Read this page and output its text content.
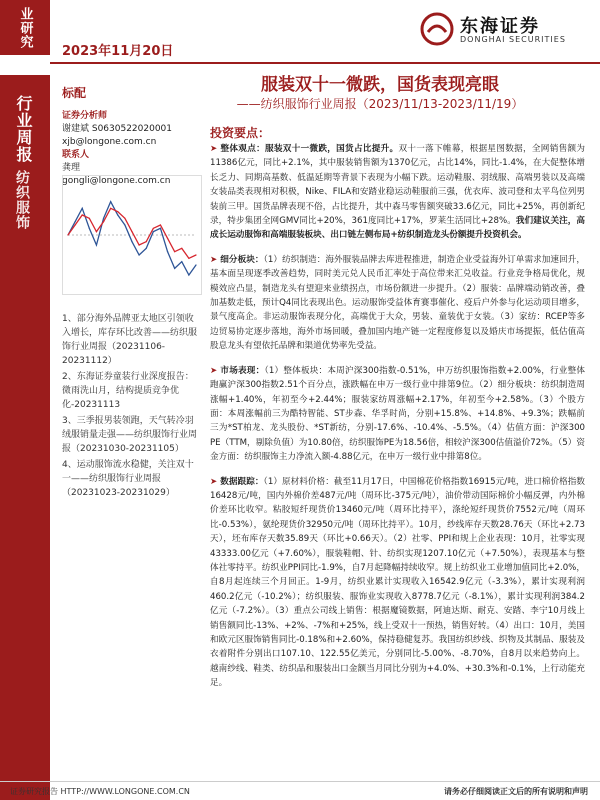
业研究
2023年11月20日
东海证券
DONGHAI SECURITIES
行业周报
纺织服饰
标配	服装双十一微跌，国货表现亮眼
——纺织服饰行业周报（2023/11/13-2023/11/19）
证券分析师
谢建斌 S0630522020001
xjb@longone.com.cn
联系人
龚理
gongli@longone.com.cn
1、部分海外品牌亚太地区引领收入增长，库存环比改善——纺织服饰行业周报（20231106-20231112）
2、东海证券童装行业深度报告：微雨洗山月，结构提质竞争优化-20231113
3、三季报男装领跑，天气转冷羽绒服销量走强——纺织服饰行业周报（20231030-20231105）
4、运动服饰流水稳健，关注双十一——纺织服饰行业周报（20231023-20231029）
投资要点：

➤ 整体观点：服装双十一微跌，国货占比提升。双十一落下帷幕，根据星图数据，全网销售额为11386亿元，同比+2.1%，其中服装销售额为1370亿元，占比14%，同比-1.4%，在大促整体增长乏力、同期高基数、低温延期等背景下表现为小幅下跌。运动鞋服、羽绒服、高端男装以及高端女装品类表现相对积极，Nike、FILA和安踏业稳运动鞋服前三强，优衣库、波司登和太平鸟位列男装前三甲。国货品牌表现不俗，占比提升，其中森马零售额突破33.6亿元，同比+25%，再创新纪录，特步集团全网GMV同比+20%，361度同比+17%，罗莱生活同比+28%。我们建议关注，高成长运动服饰和高端服装板块、出口链左侧布局+纺织制造龙头份额提升投资机会。

➤ 细分板块：（1）纺织制造：海外服装品牌去库进程推进，制造企业受益海外订单需求加速回升，基本面呈现逐季改善趋势，同时美元兑人民币汇率处于高位带来汇兑收益。行业竞争格局优化，规模效应凸显，制造龙头有望迎来业绩拐点，市场份额进一步提升。（2）服装：品牌端动销改善，叠加基数走低，预计Q4同比表现出色。运动服饰受益体育赛事催化、疫后户外参与化运动项目增多，景气度高企。非运动服饰表现分化，高端优于大众，男装、童装优于女装。（3）家纺：RCEP等多边贸易协定逐步落地，海外市场回暖，叠加国内地产链一定程度修复以及婚庆市场提振，低估值高股息龙头有望依托品牌和渠道优势率先受益。

➤ 市场表现：（1）整体板块：本周沪深300指数-0.51%，申万纺织服饰指数+2.00%，行业整体跑赢沪深300指数2.51个百分点，涨跌幅在申万一级行业中排第9位。（2）细分板块：纺织制造周涨幅+1.40%，年初至今+2.44%；服装家纺周涨幅+2.17%，年初至今+2.58%。（3）个股方面：本周涨幅前三为酷特智能、ST步森、华孚时尚，分别+15.8%、+14.8%、+9.3%；跌幅前三为*ST柏龙、龙头股份、*ST新纺，分别-17.6%、-10.4%、-5.5%。（4）估值方面：沪深300 PE（TTM，剔除负值）为10.80倍，纺织服饰PE为18.56倍，相较沪深300估值溢价72%。（5）资金方面：纺织服饰主力净流入额-4.88亿元，在申万一级行业中排第8位。

➤ 数据跟踪：（1）原材料价格：截至11月17日，中国棉花价格指数16915元/吨，进口棉价格指数16428元/吨，国内外棉价差487元/吨（周环比-375元/吨），油价带动国际棉价小幅反弹，内外棉价差环比收窄。粘胶短纤现货价13460元/吨（周环比持平），涤纶短纤现货价7552元/吨（周环比-0.53%），氨纶现货价32950元/吨（周环比持平）。10月，纱线库存天数28.76天（环比+2.73天），坯布库存天数35.89天（环比+0.66天）。（2）社零、PPI和规上企业表现：10月，社零实现43333.00亿元（+7.60%），服装鞋帽、针、纺织实现1207.10亿元（+7.50%），表现基本与整体社零持平。纺织业PPI同比-1.9%，自7月起降幅持续收窄。规上纺织业工业增加值同比+2.0%，自8月起连续三个月回正。1-9月，纺织业累计实现收入16542.9亿元（-3.3%），累计实现利润460.2亿元（-10.2%）；纺织服装、服饰业实现收入8778.7亿元（-8.1%），累计实现利润384.2亿元（-7.2%）。（3）重点公司线上销售：根据魔镜数据，阿迪达斯、耐克、安踏、李宁10月线上销售额同比-13%、+2%、-7%和+25%，线上受双十一预热，销售好转。（4）出口：10月，美国和欧元区服饰销售同比-0.18%和+2.60%，保持稳健复苏。我国纺织纱线、织物及其制品、服装及衣着附件分别出口107.10、122.55亿美元，分别同比-5.00%、-8.70%，自8月以来趋势向上。越南纱线、鞋类、纺织品和服装出口金额当月同比分别为+4.0%、+30.3%和-0.1%，上行动能充足。

证券研究报告 HTTP://WWW.LONGONE.COM.CN	请务必仔细阅读正文后的所有说明和声明
